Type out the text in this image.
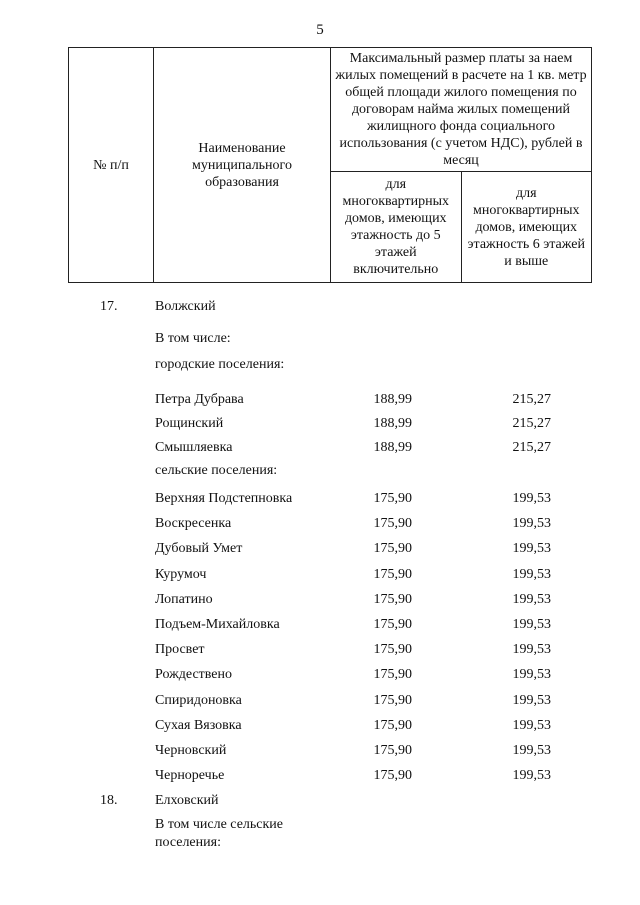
5
№ п/п	Наименование муниципального образования	Максимальный размер платы за наем жилых помещений в расчете на 1 кв. метр общей площади жилого помещения по договорам найма жилых помещений жилищного фонда социального использования (с учетом НДС), рублей в месяц	
		для многоквартирных домов, имеющих этажность до 5 этажей включительно	для многоквартирных домов, имеющих этажность 6 этажей и выше
17.	Волжский
В том числе:
городские поселения:
Петра Дубрава	188,99	215,27
Рощинский	188,99	215,27
Смышляевка	188,99	215,27
сельские поселения:
Верхняя Подстепновка	175,90	199,53
Воскресенка	175,90	199,53
Дубовый Умет	175,90	199,53
Курумоч	175,90	199,53
Лопатино	175,90	199,53
Подъем-Михайловка	175,90	199,53
Просвет	175,90	199,53
Рождествено	175,90	199,53
Спиридоновка	175,90	199,53
Сухая Вязовка	175,90	199,53
Черновский	175,90	199,53
Черноречье	175,90	199,53
18.	Елховский
В том числе сельские поселения:
